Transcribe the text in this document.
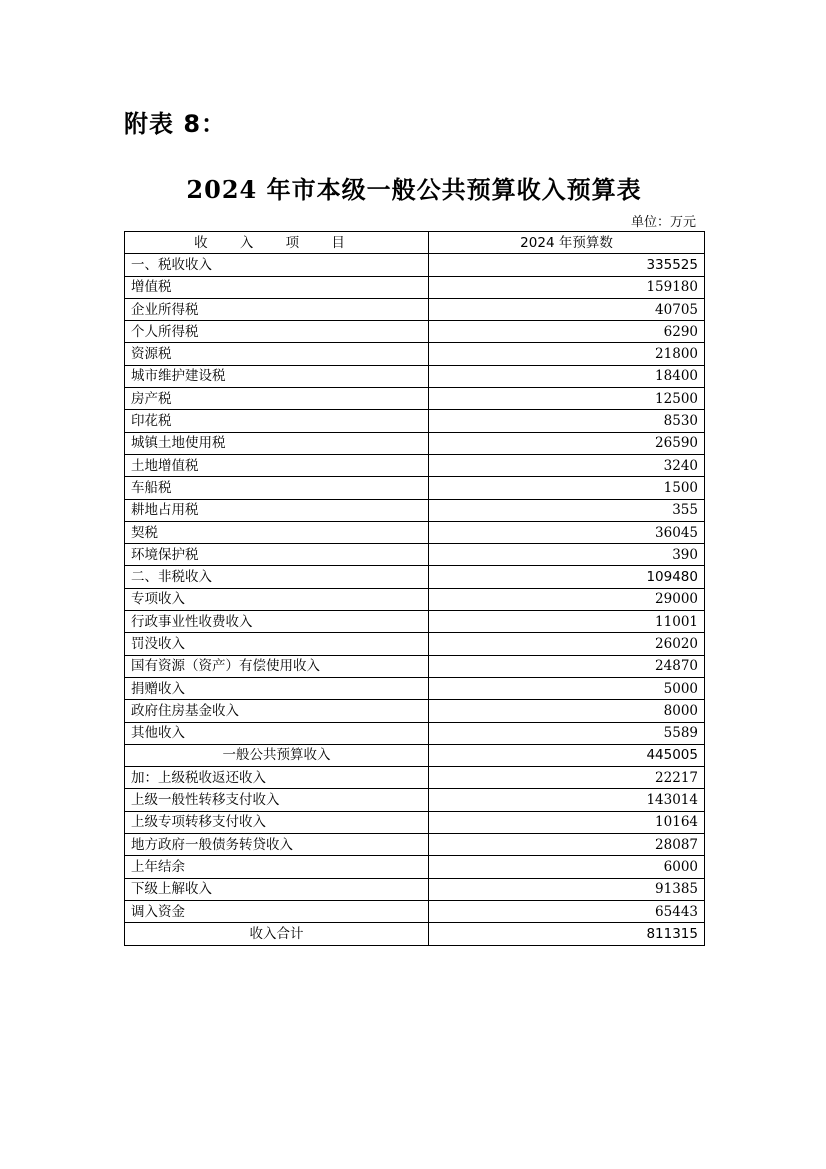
附表 8：
2024 年市本级一般公共预算收入预算表
单位：万元
收 入 项 目	2024 年预算数
一、税收收入	335525
增值税	159180
企业所得税	40705
个人所得税	6290
资源税	21800
城市维护建设税	18400
房产税	12500
印花税	8530
城镇土地使用税	26590
土地增值税	3240
车船税	1500
耕地占用税	355
契税	36045
环境保护税	390
二、非税收入	109480
专项收入	29000
行政事业性收费收入	11001
罚没收入	26020
国有资源（资产）有偿使用收入	24870
捐赠收入	5000
政府住房基金收入	8000
其他收入	5589
一般公共预算收入	445005
加：上级税收返还收入	22217
上级一般性转移支付收入	143014
上级专项转移支付收入	10164
地方政府一般债务转贷收入	28087
上年结余	6000
下级上解收入	91385
调入资金	65443
收入合计	811315
